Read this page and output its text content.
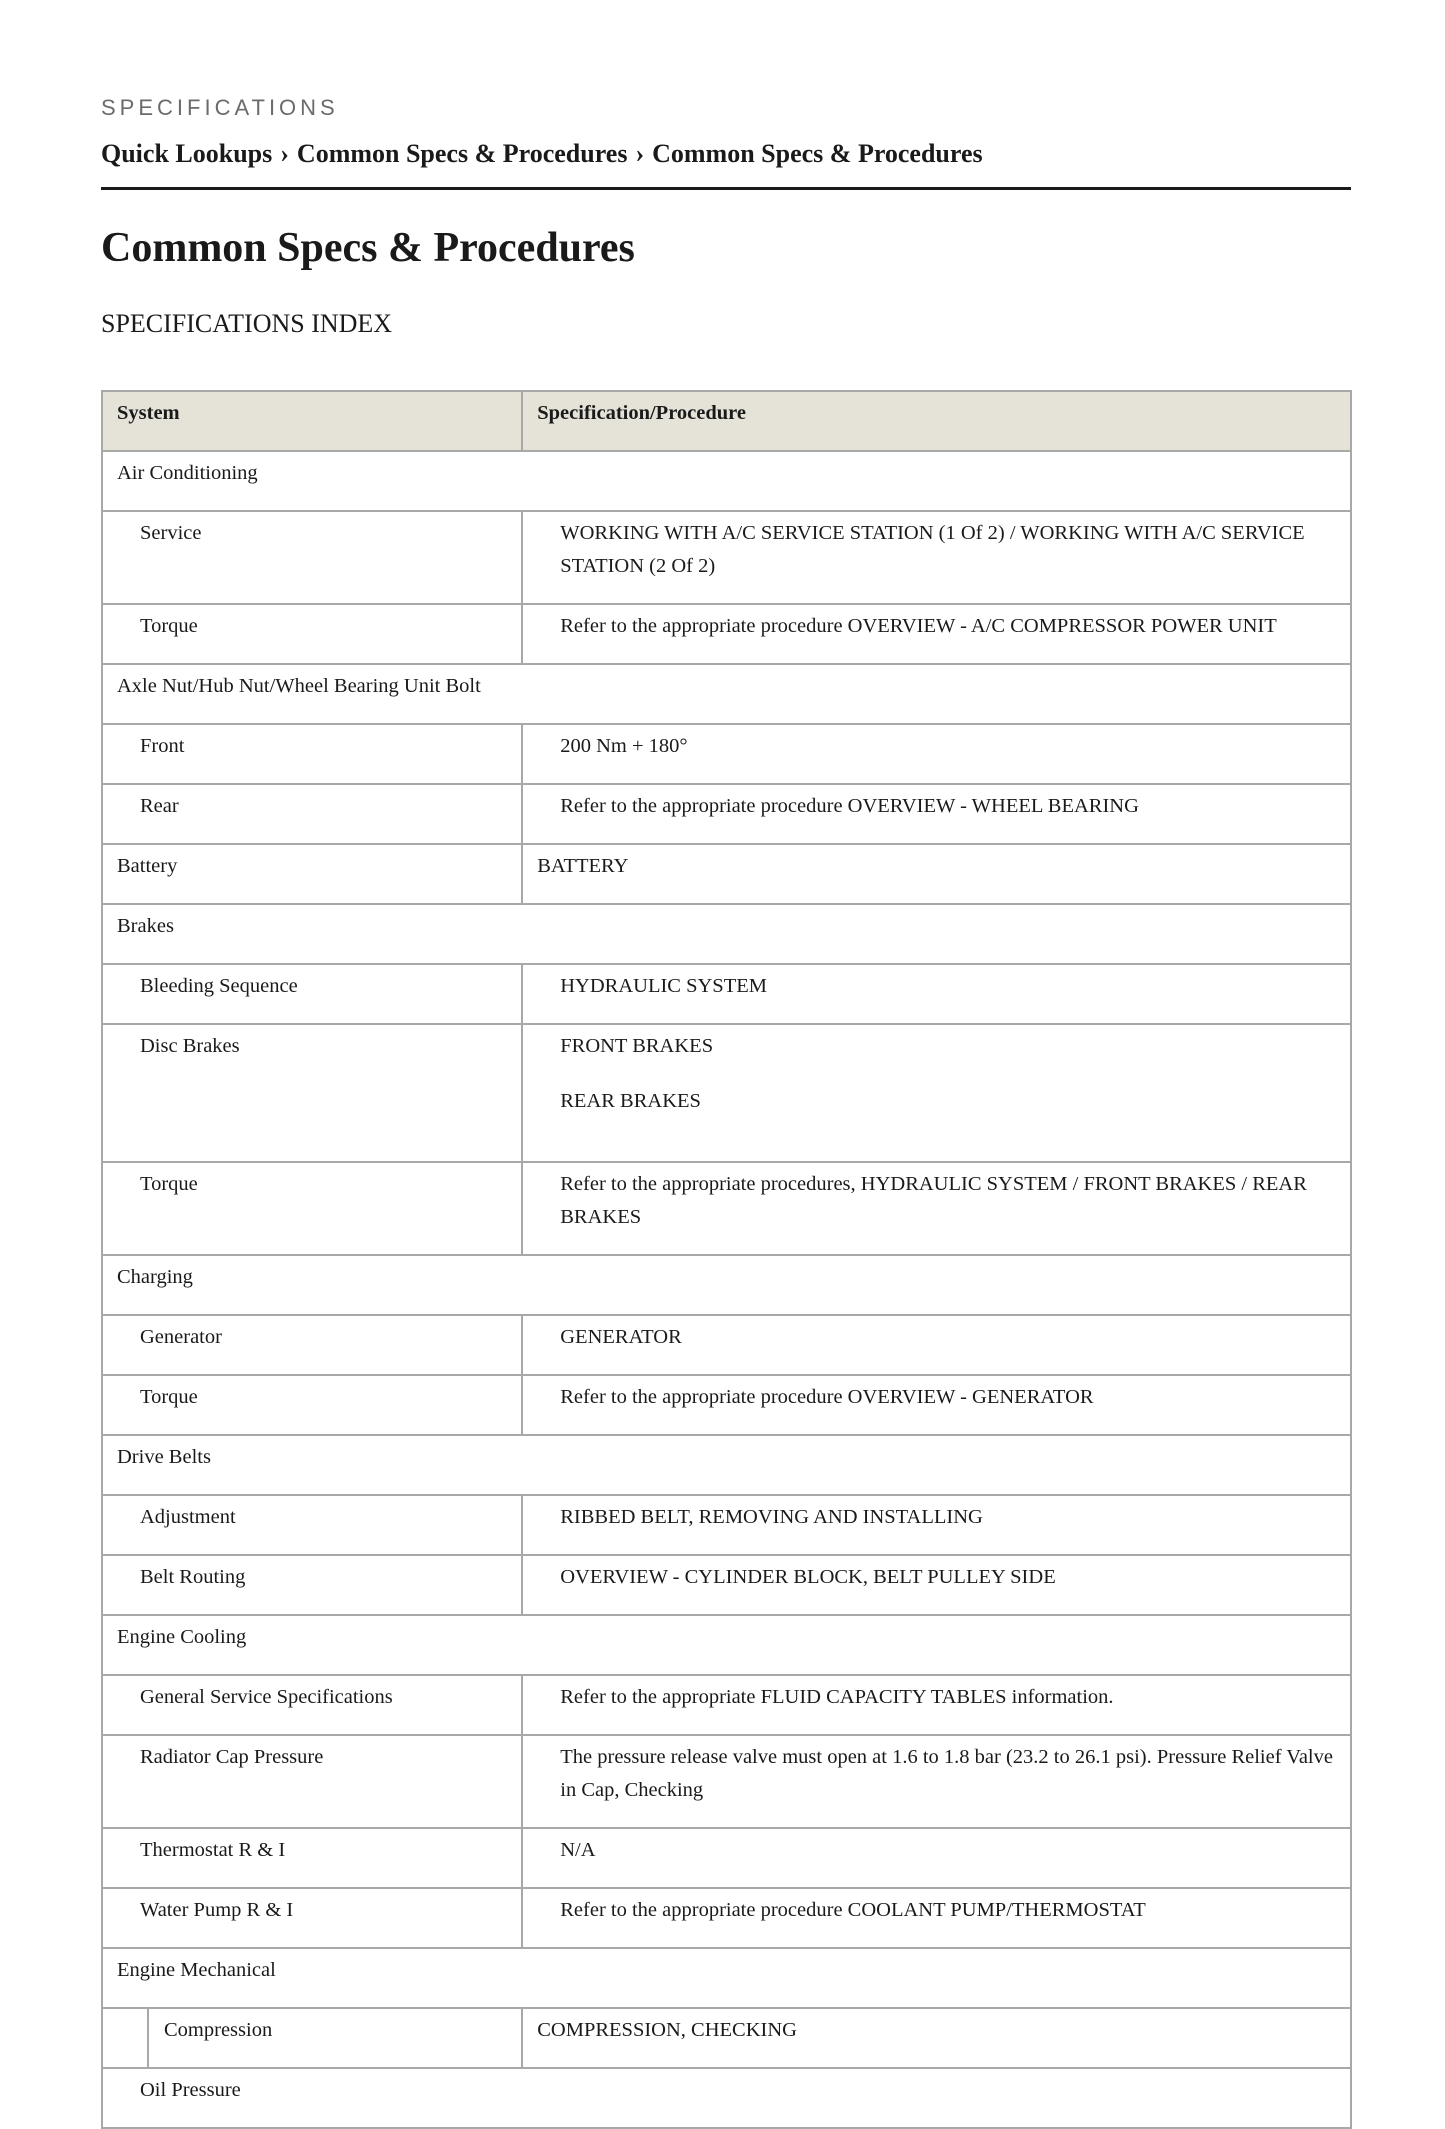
SPECIFICATIONS
Quick Lookups › Common Specs & Procedures › Common Specs & Procedures
Common Specs & Procedures
SPECIFICATIONS INDEX
System		Specification/Procedure
Air Conditioning		
Service		WORKING WITH A/C SERVICE STATION (1 Of 2) / WORKING WITH A/C SERVICE STATION (2 Of 2)
Torque		Refer to the appropriate procedure OVERVIEW - A/C COMPRESSOR POWER UNIT
Axle Nut/Hub Nut/Wheel Bearing Unit Bolt		
Front		200 Nm + 180°
Rear		Refer to the appropriate procedure OVERVIEW - WHEEL BEARING
Battery		BATTERY
Brakes		
Bleeding Sequence		HYDRAULIC SYSTEM
Disc Brakes		FRONT BRAKES
REAR BRAKES

Torque		Refer to the appropriate procedures, HYDRAULIC SYSTEM / FRONT BRAKES / REAR BRAKES
Charging		
Generator		GENERATOR
Torque		Refer to the appropriate procedure OVERVIEW - GENERATOR
Drive Belts		
Adjustment		RIBBED BELT, REMOVING AND INSTALLING
Belt Routing		OVERVIEW - CYLINDER BLOCK, BELT PULLEY SIDE
Engine Cooling		
General Service Specifications		Refer to the appropriate FLUID CAPACITY TABLES information.
Radiator Cap Pressure		The pressure release valve must open at 1.6 to 1.8 bar (23.2 to 26.1 psi). Pressure Relief Valve in Cap, Checking
Thermostat R & I		N/A
Water Pump R & I		Refer to the appropriate procedure COOLANT PUMP/THERMOSTAT
Engine Mechanical		
	Compression	COMPRESSION, CHECKING
Oil Pressure		
